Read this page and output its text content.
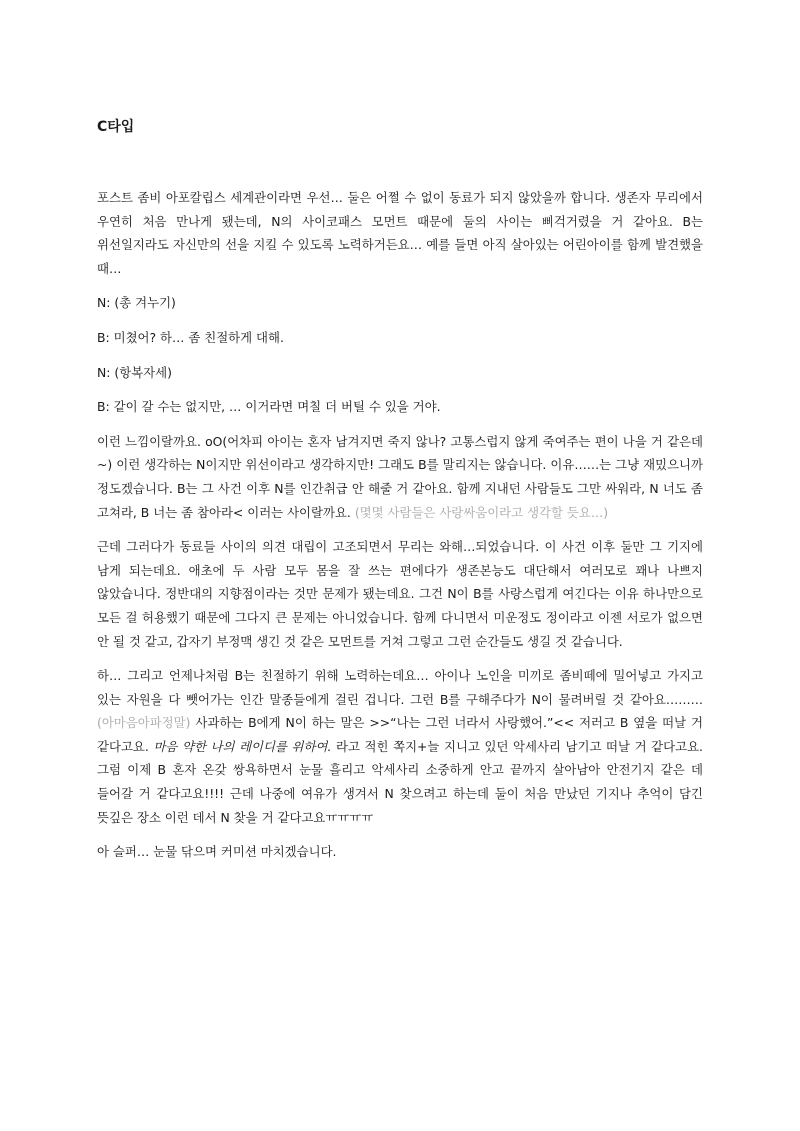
C타입

포스트 좀비 아포칼립스 세계관이라면 우선… 둘은 어쩔 수 없이 동료가 되지 않았을까 합니다. 생존자 무리에서 우연히 처음 만나게 됐는데, N의 사이코패스 모먼트 때문에 둘의 사이는 삐걱거렸을 거 같아요. B는 위선일지라도 자신만의 선을 지킬 수 있도록 노력하거든요… 예를 들면 아직 살아있는 어린아이를 함께 발견했을 때…

N: (총 겨누기)

B: 미쳤어? 하… 좀 친절하게 대해.

N: (항복자세)

B: 같이 갈 수는 없지만, … 이거라면 며칠 더 버틸 수 있을 거야.

이런 느낌이랄까요. oO(어차피 아이는 혼자 남겨지면 죽지 않나? 고통스럽지 않게 죽여주는 편이 나을 거 같은데~) 이런 생각하는 N이지만 위선이라고 생각하지만! 그래도 B를 말리지는 않습니다. 이유……는 그냥 재밌으니까 정도겠습니다. B는 그 사건 이후 N를 인간취급 안 해줄 거 같아요. 함께 지내던 사람들도 그만 싸워라, N 너도 좀 고쳐라, B 너는 좀 참아라< 이러는 사이랄까요. (몇몇 사람들은 사랑싸움이라고 생각할 듯요…)

근데 그러다가 동료들 사이의 의견 대립이 고조되면서 무리는 와해…되었습니다. 이 사건 이후 둘만 그 기지에 남게 되는데요. 애초에 두 사람 모두 몸을 잘 쓰는 편에다가 생존본능도 대단해서 여러모로 꽤나 나쁘지 않았습니다. 정반대의 지향점이라는 것만 문제가 됐는데요. 그건 N이 B를 사랑스럽게 여긴다는 이유 하나만으로 모든 걸 허용했기 때문에 그다지 큰 문제는 아니었습니다. 함께 다니면서 미운정도 정이라고 이젠 서로가 없으면 안 될 것 같고, 갑자기 부정맥 생긴 것 같은 모먼트를 거쳐 그렇고 그런 순간들도 생길 것 같습니다.

하… 그리고 언제나처럼 B는 친절하기 위해 노력하는데요… 아이나 노인을 미끼로 좀비떼에 밀어넣고 가지고 있는 자원을 다 뺏어가는 인간 말종들에게 걸린 겁니다. 그런 B를 구해주다가 N이 물려버릴 것 같아요……… (아마음아파정말) 사과하는 B에게 N이 하는 말은 >>“나는 그런 너라서 사랑했어.”<< 저러고 B 옆을 떠날 거 같다고요. 마음 약한 나의 레이디를 위하여. 라고 적힌 쪽지+늘 지니고 있던 악세사리 남기고 떠날 거 같다고요. 그럼 이제 B 혼자 온갖 쌍욕하면서 눈물 흘리고 악세사리 소중하게 안고 끝까지 살아남아 안전기지 같은 데 들어갈 거 같다고요!!!! 근데 나중에 여유가 생겨서 N 찾으려고 하는데 둘이 처음 만났던 기지나 추억이 담긴 뜻깊은 장소 이런 데서 N 찾을 거 같다고요ㅠㅠㅠㅠ

아 슬퍼… 눈물 닦으며 커미션 마치겠습니다.
